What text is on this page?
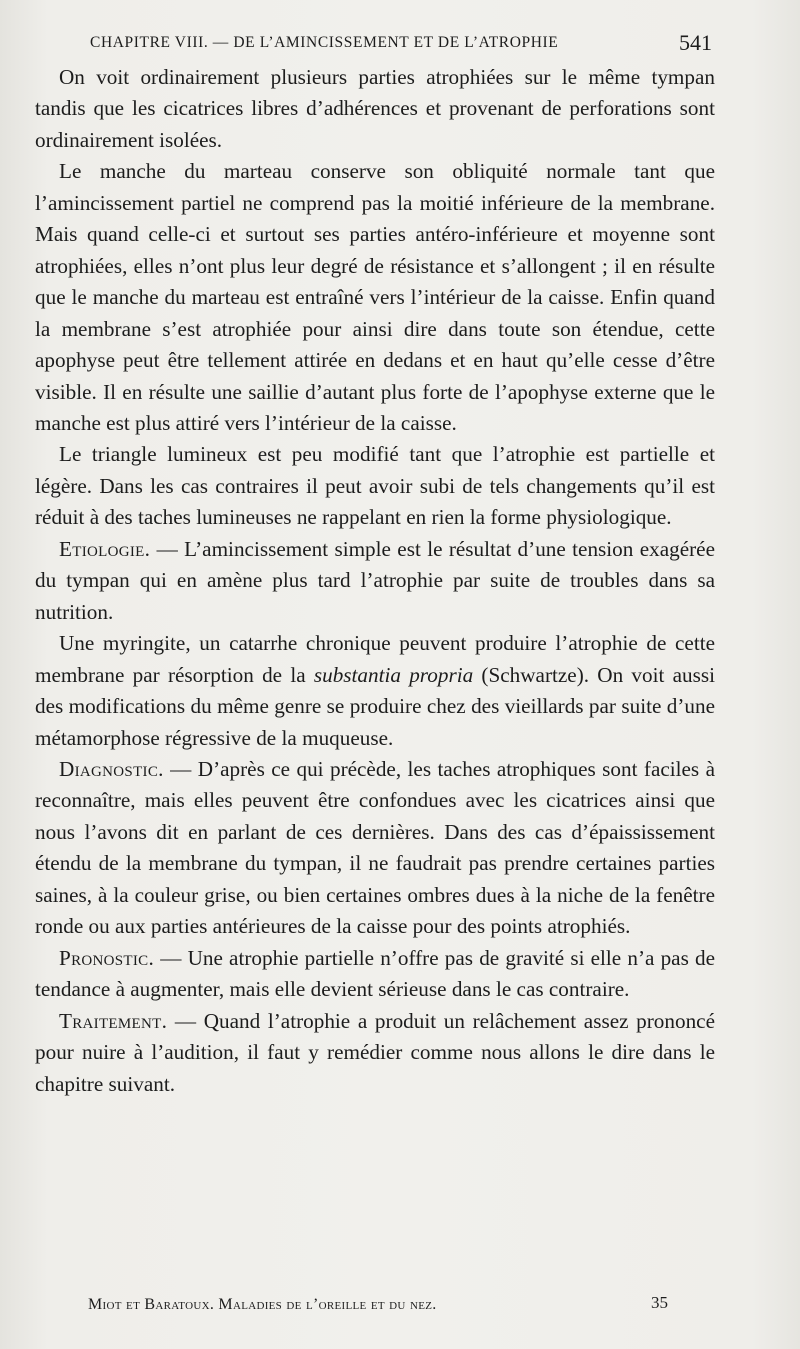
CHAPITRE VIII. — DE L’AMINCISSEMENT ET DE L’ATROPHIE	541

On voit ordinairement plusieurs parties atrophiées sur le même tympan tandis que les cicatrices libres d’adhérences et provenant de perforations sont ordinairement isolées.

Le manche du marteau conserve son obliquité normale tant que l’amincissement partiel ne comprend pas la moitié inférieure de la membrane. Mais quand celle-ci et surtout ses parties antéro-inférieure et moyenne sont atrophiées, elles n’ont plus leur degré de résistance et s’allongent ; il en résulte que le manche du marteau est entraîné vers l’intérieur de la caisse. Enfin quand la membrane s’est atrophiée pour ainsi dire dans toute son étendue, cette apophyse peut être tellement attirée en dedans et en haut qu’elle cesse d’être visible. Il en résulte une saillie d’autant plus forte de l’apophyse externe que le manche est plus attiré vers l’intérieur de la caisse.

Le triangle lumineux est peu modifié tant que l’atrophie est partielle et légère. Dans les cas contraires il peut avoir subi de tels changements qu’il est réduit à des taches lumineuses ne rappelant en rien la forme physiologique.

Etiologie. — L’amincissement simple est le résultat d’une tension exagérée du tympan qui en amène plus tard l’atrophie par suite de troubles dans sa nutrition.

Une myringite, un catarrhe chronique peuvent produire l’atrophie de cette membrane par résorption de la substantia propria (Schwartze). On voit aussi des modifications du même genre se produire chez des vieillards par suite d’une métamorphose régressive de la muqueuse.

Diagnostic. — D’après ce qui précède, les taches atrophiques sont faciles à reconnaître, mais elles peuvent être confondues avec les cicatrices ainsi que nous l’avons dit en parlant de ces dernières. Dans des cas d’épaississement étendu de la membrane du tympan, il ne faudrait pas prendre certaines parties saines, à la couleur grise, ou bien certaines ombres dues à la niche de la fenêtre ronde ou aux parties antérieures de la caisse pour des points atrophiés.

Pronostic. — Une atrophie partielle n’offre pas de gravité si elle n’a pas de tendance à augmenter, mais elle devient sérieuse dans le cas contraire.

Traitement. — Quand l’atrophie a produit un relâchement assez prononcé pour nuire à l’audition, il faut y remédier comme nous allons le dire dans le chapitre suivant.

Miot et Baratoux. Maladies de l’oreille et du nez.	35
